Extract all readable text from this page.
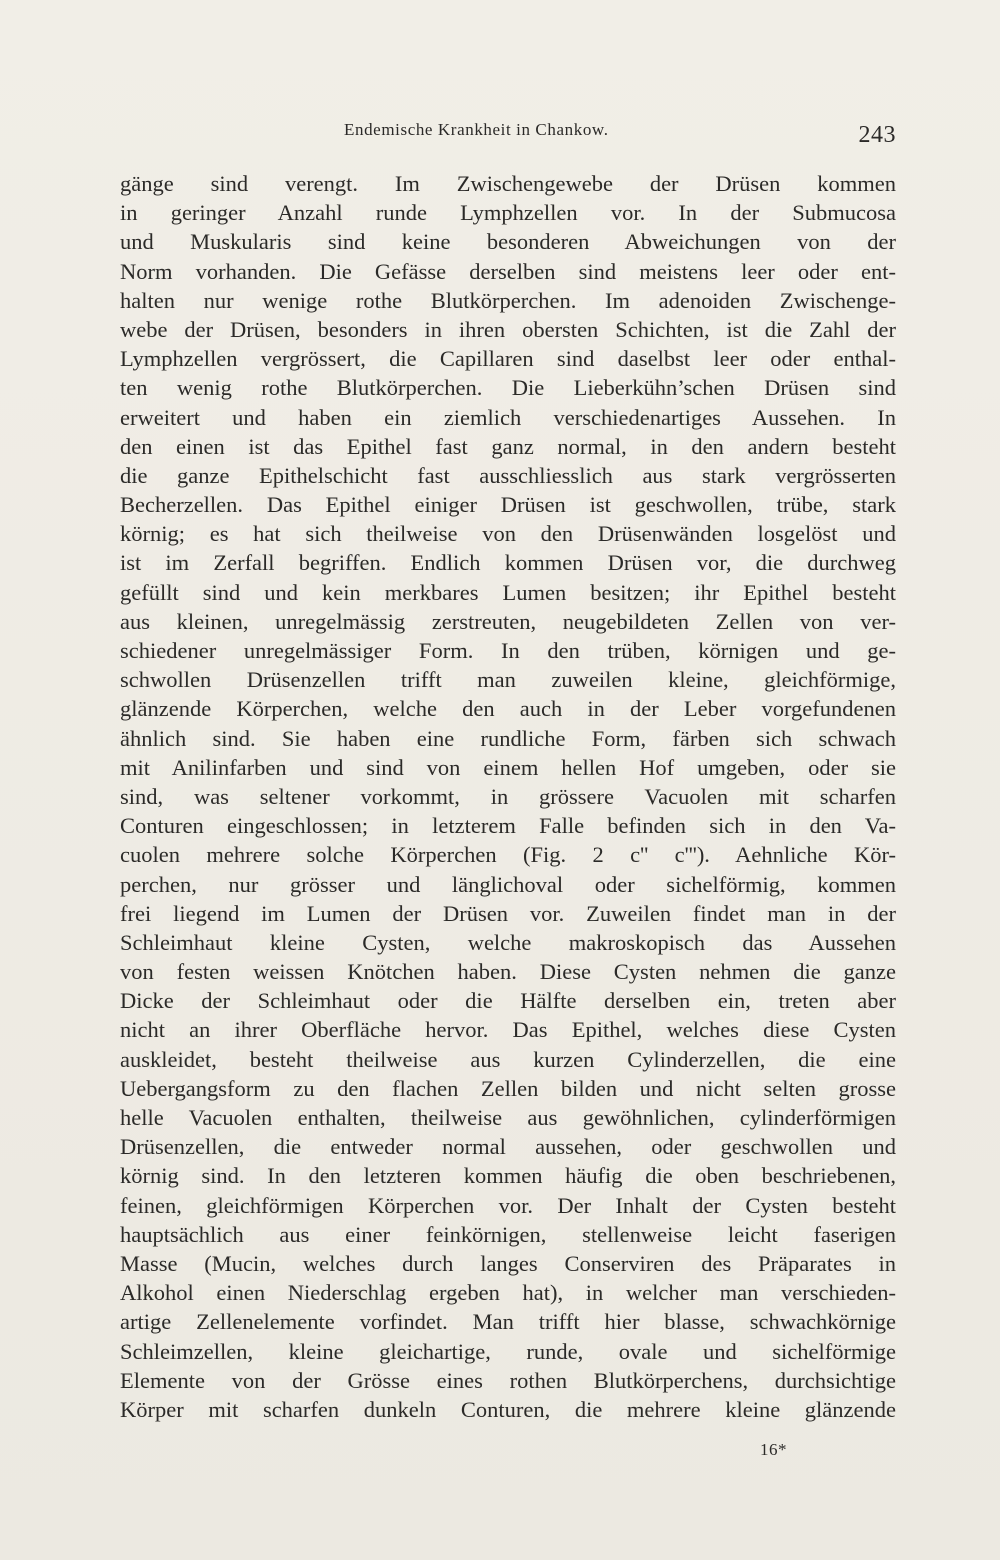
Endemische Krankheit in Chankow.	243
gänge sind verengt. Im Zwischengewebe der Drüsen kommen
in geringer Anzahl runde Lymphzellen vor. In der Submucosa
und Muskularis sind keine besonderen Abweichungen von der
Norm vorhanden. Die Gefässe derselben sind meistens leer oder ent-
halten nur wenige rothe Blutkörperchen. Im adenoiden Zwischenge-
webe der Drüsen, besonders in ihren obersten Schichten, ist die Zahl der
Lymphzellen vergrössert, die Capillaren sind daselbst leer oder enthal-
ten wenig rothe Blutkörperchen. Die Lieberkühn’schen Drüsen sind
erweitert und haben ein ziemlich verschiedenartiges Aussehen. In
den einen ist das Epithel fast ganz normal, in den andern besteht
die ganze Epithelschicht fast ausschliesslich aus stark vergrösserten
Becherzellen. Das Epithel einiger Drüsen ist geschwollen, trübe, stark
körnig; es hat sich theilweise von den Drüsenwänden losgelöst und
ist im Zerfall begriffen. Endlich kommen Drüsen vor, die durchweg
gefüllt sind und kein merkbares Lumen besitzen; ihr Epithel besteht
aus kleinen, unregelmässig zerstreuten, neugebildeten Zellen von ver-
schiedener unregelmässiger Form. In den trüben, körnigen und ge-
schwollen Drüsenzellen trifft man zuweilen kleine, gleichförmige,
glänzende Körperchen, welche den auch in der Leber vorgefundenen
ähnlich sind. Sie haben eine rundliche Form, färben sich schwach
mit Anilinfarben und sind von einem hellen Hof umgeben, oder sie
sind, was seltener vorkommt, in grössere Vacuolen mit scharfen
Conturen eingeschlossen; in letzterem Falle befinden sich in den Va-
cuolen mehrere solche Körperchen (Fig. 2 c'' c'''). Aehnliche Kör-
perchen, nur grösser und länglichoval oder sichelförmig, kommen
frei liegend im Lumen der Drüsen vor. Zuweilen findet man in der
Schleimhaut kleine Cysten, welche makroskopisch das Aussehen
von festen weissen Knötchen haben. Diese Cysten nehmen die ganze
Dicke der Schleimhaut oder die Hälfte derselben ein, treten aber
nicht an ihrer Oberfläche hervor. Das Epithel, welches diese Cysten
auskleidet, besteht theilweise aus kurzen Cylinderzellen, die eine
Uebergangsform zu den flachen Zellen bilden und nicht selten grosse
helle Vacuolen enthalten, theilweise aus gewöhnlichen, cylinderförmigen
Drüsenzellen, die entweder normal aussehen, oder geschwollen und
körnig sind. In den letzteren kommen häufig die oben beschriebenen,
feinen, gleichförmigen Körperchen vor. Der Inhalt der Cysten besteht
hauptsächlich aus einer feinkörnigen, stellenweise leicht faserigen
Masse (Mucin, welches durch langes Conserviren des Präparates in
Alkohol einen Niederschlag ergeben hat), in welcher man verschieden-
artige Zellenelemente vorfindet. Man trifft hier blasse, schwachkörnige
Schleimzellen, kleine gleichartige, runde, ovale und sichelförmige
Elemente von der Grösse eines rothen Blutkörperchens, durchsichtige
Körper mit scharfen dunkeln Conturen, die mehrere kleine glänzende
16*
